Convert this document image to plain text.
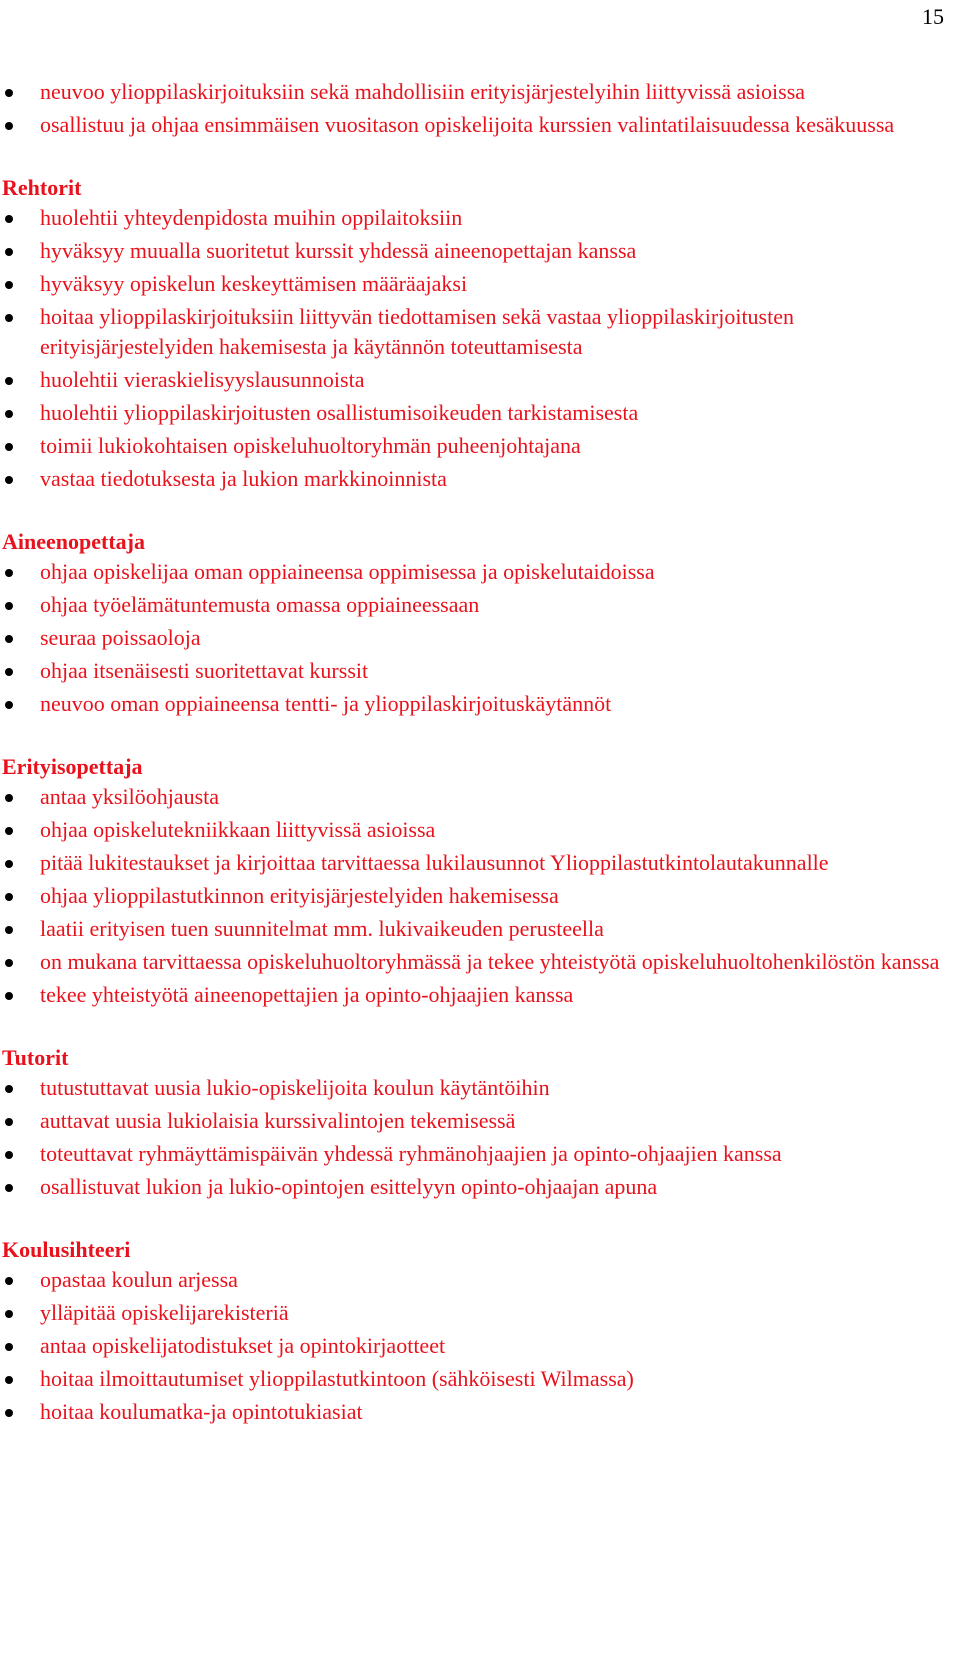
15
neuvoo ylioppilaskirjoituksiin sekä mahdollisiin erityisjärjestelyihin liittyvissä asioissa
osallistuu ja ohjaa ensimmäisen vuositason opiskelijoita kurssien valintatilaisuudessa kesäkuussa
Rehtorit
huolehtii yhteydenpidosta muihin oppilaitoksiin
hyväksyy muualla suoritetut kurssit yhdessä aineenopettajan kanssa
hyväksyy opiskelun keskeyttämisen määräajaksi
hoitaa ylioppilaskirjoituksiin liittyvän tiedottamisen sekä vastaa ylioppilaskirjoitusten erityisjärjestelyiden hakemisesta ja käytännön toteuttamisesta
huolehtii vieraskielisyyslausunnoista
huolehtii ylioppilaskirjoitusten osallistumisoikeuden tarkistamisesta
toimii lukiokohtaisen opiskeluhuoltoryhmän puheenjohtajana
vastaa tiedotuksesta ja lukion markkinoinnista
Aineenopettaja
ohjaa opiskelijaa oman oppiaineensa oppimisessa ja opiskelutaidoissa
ohjaa työelämätuntemusta omassa oppiaineessaan
seuraa poissaoloja
ohjaa itsenäisesti suoritettavat kurssit
neuvoo oman oppiaineensa tentti- ja ylioppilaskirjoituskäytännöt
Erityisopettaja
antaa yksilöohjausta
ohjaa opiskelutekniikkaan liittyvissä asioissa
pitää lukitestaukset ja kirjoittaa tarvittaessa lukilausunnot Ylioppilastutkintolautakunnalle
ohjaa ylioppilastutkinnon erityisjärjestelyiden hakemisessa
laatii erityisen tuen suunnitelmat mm. lukivaikeuden perusteella
on mukana tarvittaessa opiskeluhuoltoryhmässä ja tekee yhteistyötä opiskeluhuoltohenkilöstön kanssa
tekee yhteistyötä aineenopettajien ja opinto-ohjaajien kanssa
Tutorit
tutustuttavat uusia lukio-opiskelijoita koulun käytäntöihin
auttavat uusia lukiolaisia kurssivalintojen tekemisessä
toteuttavat ryhmäyttämispäivän yhdessä ryhmänohjaajien ja opinto-ohjaajien kanssa
osallistuvat lukion ja lukio-opintojen esittelyyn opinto-ohjaajan apuna
Koulusihteeri
opastaa koulun arjessa
ylläpitää opiskelijarekisteriä
antaa opiskelijatodistukset ja opintokirjaotteet
hoitaa ilmoittautumiset ylioppilastutkintoon (sähköisesti Wilmassa)
hoitaa koulumatka-ja opintotukiasiat
